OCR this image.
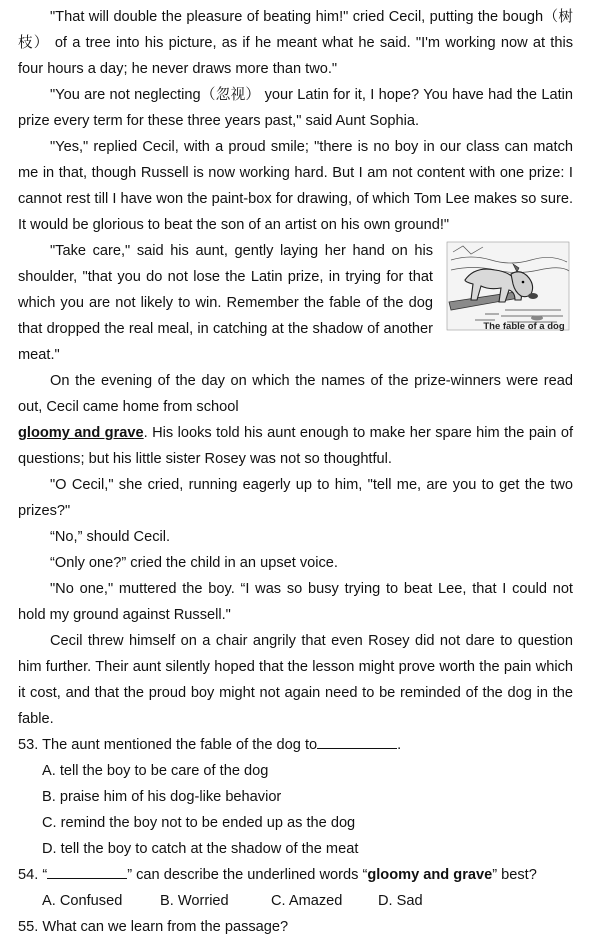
"That will double the pleasure of beating him!" cried Cecil, putting the bough（树枝） of a tree into his picture, as if he meant what he said. "I'm working now at this four hours a day; he never draws more than two."

"You are not neglecting（忽视） your Latin for it, I hope? You have had the Latin prize every term for these three years past," said Aunt Sophia.

"Yes," replied Cecil, with a proud smile; "there is no boy in our class can match me in that, though Russell is now working hard. But I am not content with one prize: I cannot rest till I have won the paint-box for drawing, of which Tom Lee makes so sure. It would be glorious to beat the son of an artist on his own ground!"

The fable of a dog
"Take care," said his aunt, gently laying her hand on his shoulder, "that you do not lose the Latin prize, in trying for that which you are not likely to win. Remember the fable of the dog that dropped the real meal, in catching at the shadow of another meat."

On the evening of the day on which the names of the prize-winners were read out, Cecil came home from school
gloomy and grave. His looks told his aunt enough to make her spare him the pain of questions; but his little sister Rosey was not so thoughtful.

"O Cecil," she cried, running eagerly up to him, "tell me, are you to get the two prizes?"

“No,” should Cecil.

“Only one?” cried the child in an upset voice.

"No one," muttered the boy. “I was so busy trying to beat Lee, that I could not hold my ground against Russell."

Cecil threw himself on a chair angrily that even Rosey did not dare to question him further. Their aunt silently hoped that the lesson might prove worth the pain which it cost, and that the proud boy might not again need to be reminded of the dog in the fable.

53. The aunt mentioned the fable of the dog to	.

A. tell the boy to be care of the dog

B. praise him of his dog-like behavior

C. remind the boy not to be ended up as the dog

D. tell the boy to catch at the shadow of the meat

54. “	” can describe the underlined words “gloomy and grave” best?

A. Confused	B. Worried	C. Amazed D. Sad

55. What can we learn from the passage?
